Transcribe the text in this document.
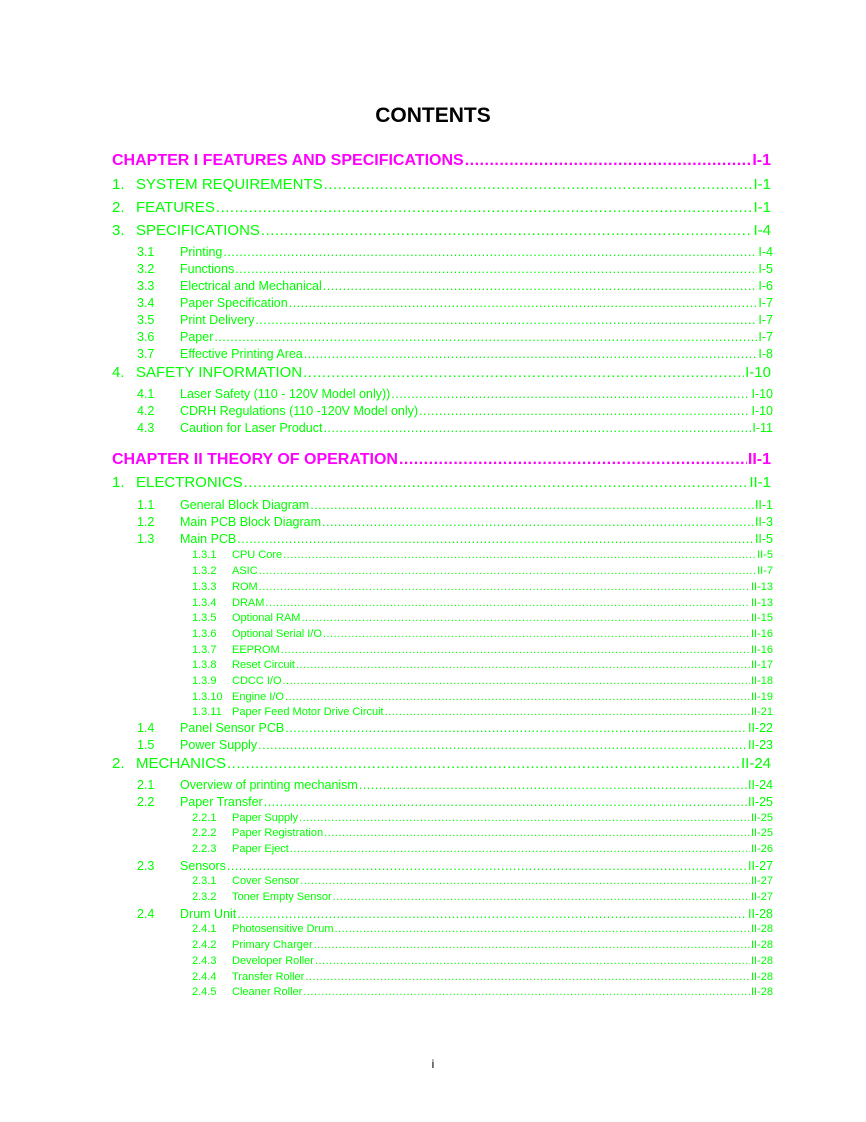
CONTENTS
CHAPTER I FEATURES AND SPECIFICATIONS .....	I-1
1. SYSTEM REQUIREMENTS .....	I-1
2. FEATURES .....	I-1
3. SPECIFICATIONS .....	I-4
3.1	Printing .....	I-4
3.2	Functions .....	I-5
3.3	Electrical and Mechanical .....	I-6
3.4	Paper Specification .....	I-7
3.5	Print Delivery .....	I-7
3.6	Paper .....	I-7
3.7	Effective Printing Area .....	I-8
4. SAFETY INFORMATION .....	I-10
4.1	Laser Safety (110 - 120V Model only)) .....	I-10
4.2	CDRH Regulations (110 -120V Model only) .....	I-10
4.3	Caution for Laser Product .....	I-11
CHAPTER II THEORY OF OPERATION .....	II-1
1. ELECTRONICS .....	II-1
1.1	General Block Diagram .....	II-1
1.2	Main PCB Block Diagram .....	II-3
1.3	Main PCB .....	II-5
1.3.1	CPU Core .....	II-5
1.3.2	ASIC .....	II-7
1.3.3	ROM .....	II-13
1.3.4	DRAM .....	II-13
1.3.5	Optional RAM .....	II-15
1.3.6	Optional Serial I/O .....	II-16
1.3.7	EEPROM .....	II-16
1.3.8	Reset Circuit .....	II-17
1.3.9	CDCC I/O .....	II-18
1.3.10 Engine I/O .....	II-19
1.3.11 Paper Feed Motor Drive Circuit .....	II-21
1.4	Panel Sensor PCB .....	II-22
1.5	Power Supply .....	II-23
2. MECHANICS .....	II-24
2.1	Overview of printing mechanism .....	II-24
2.2	Paper Transfer .....	II-25
2.2.1	Paper Supply .....	II-25
2.2.2	Paper Registration .....	II-25
2.2.3	Paper Eject .....	II-26
2.3	Sensors .....	II-27
2.3.1	Cover Sensor .....	II-27
2.3.2	Toner Empty Sensor .....	II-27
2.4	Drum Unit .....	II-28
2.4.1	Photosensitive Drum .....	II-28
2.4.2	Primary Charger .....	II-28
2.4.3	Developer Roller .....	II-28
2.4.4	Transfer Roller .....	II-28
2.4.5	Cleaner Roller .....	II-28
i
